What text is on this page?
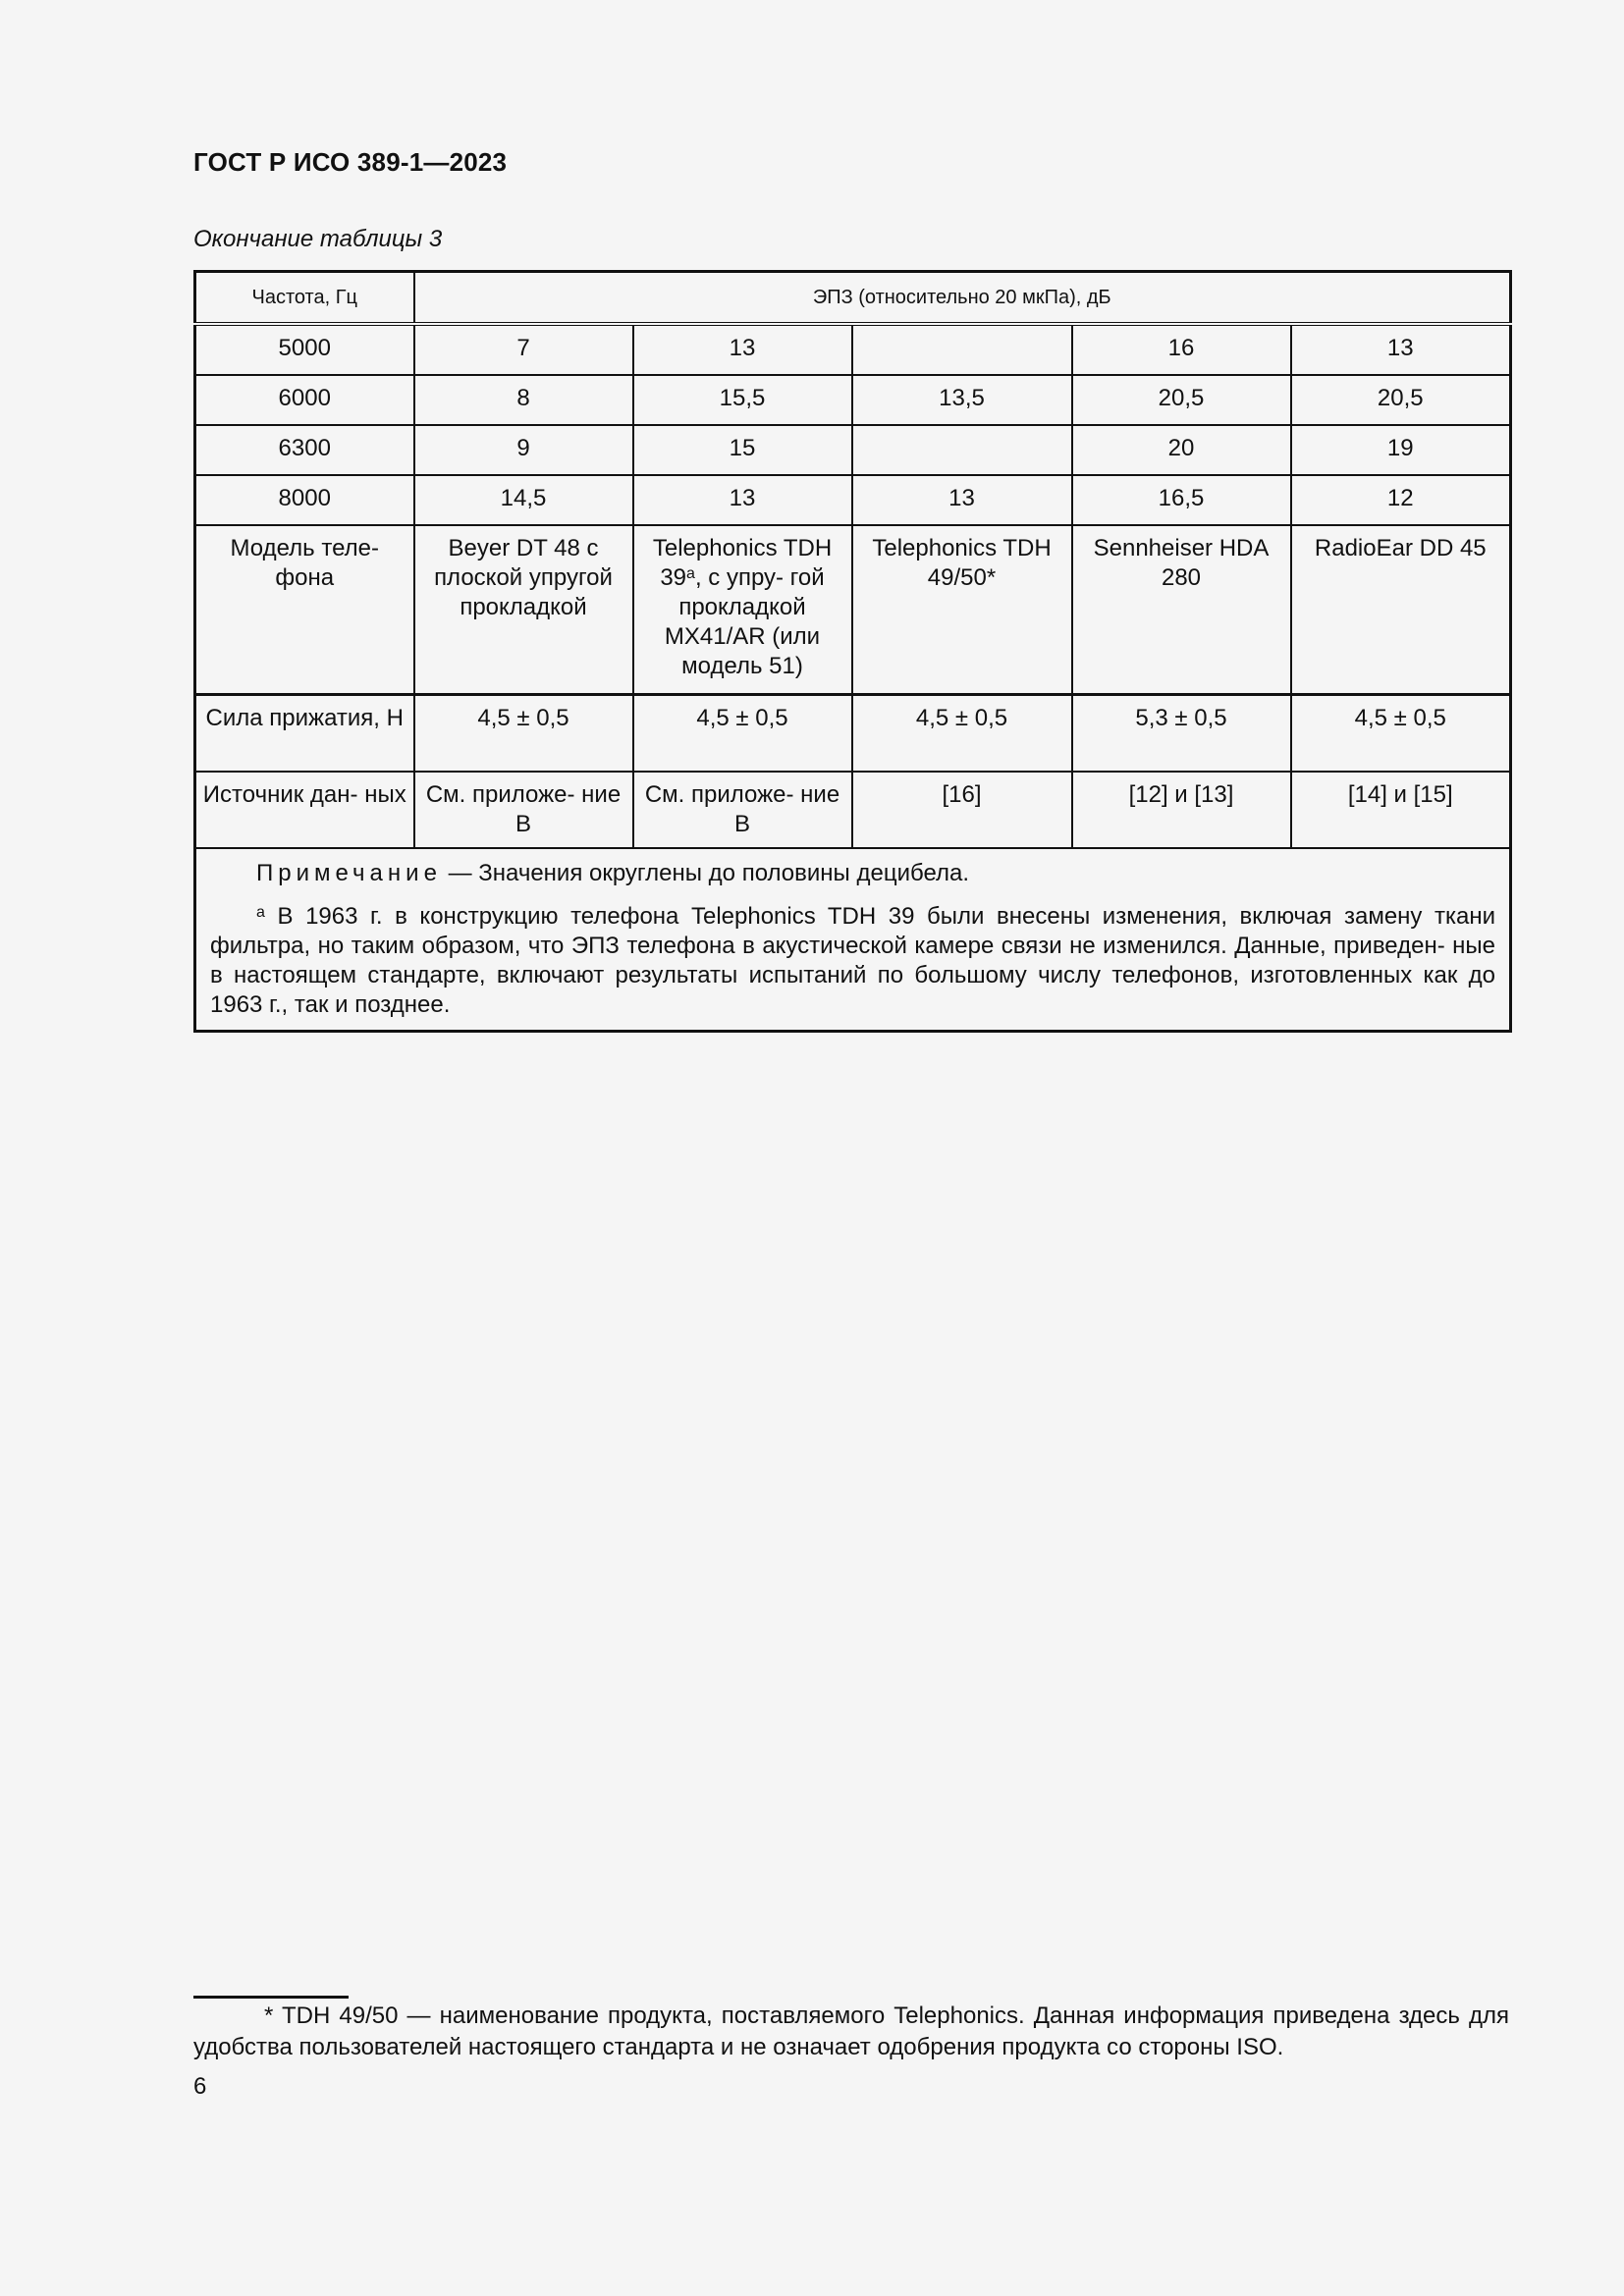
ГОСТ Р ИСО 389-1—2023
Окончание таблицы 3
Частота, Гц	ЭПЗ (относительно 20 мкПа), дБ				
5000	7	13		16	13
6000	8	15,5	13,5	20,5	20,5
6300	9	15		20	19
8000	14,5	13	13	16,5	12
Модель теле- фона	Beyer DT 48 с плоской упругой прокладкой	Telephonics TDH 39$^a$, с упру- гой прокладкой MX41/AR (или модель 51)	Telephonics TDH 49/50*	Sennheiser HDA 280	RadioEar DD 45
Сила прижатия, Н	4,5 ± 0,5	4,5 ± 0,5	4,5 ± 0,5	5,3 ± 0,5	4,5 ± 0,5
Источник дан- ных	См. приложе- ние B	См. приложе- ние B	[16]	[12] и [13]	[14] и [15]

Примечание — Значения округлены до половины децибела.

$^a$ В 1963 г. в конструкцию телефона Telephonics TDH 39 были внесены изменения, включая замену ткани фильтра, но таким образом, что ЭПЗ телефона в акустической камере связи не изменился. Данные, приведен- ные в настоящем стандарте, включают результаты испытаний по большому числу телефонов, изготовленных как до 1963 г., так и позднее.					

* TDH 49/50 — наименование продукта, поставляемого Telephonics. Данная информация приведена здесь для удобства пользователей настоящего стандарта и не означает одобрения продукта со стороны ISO.
6
